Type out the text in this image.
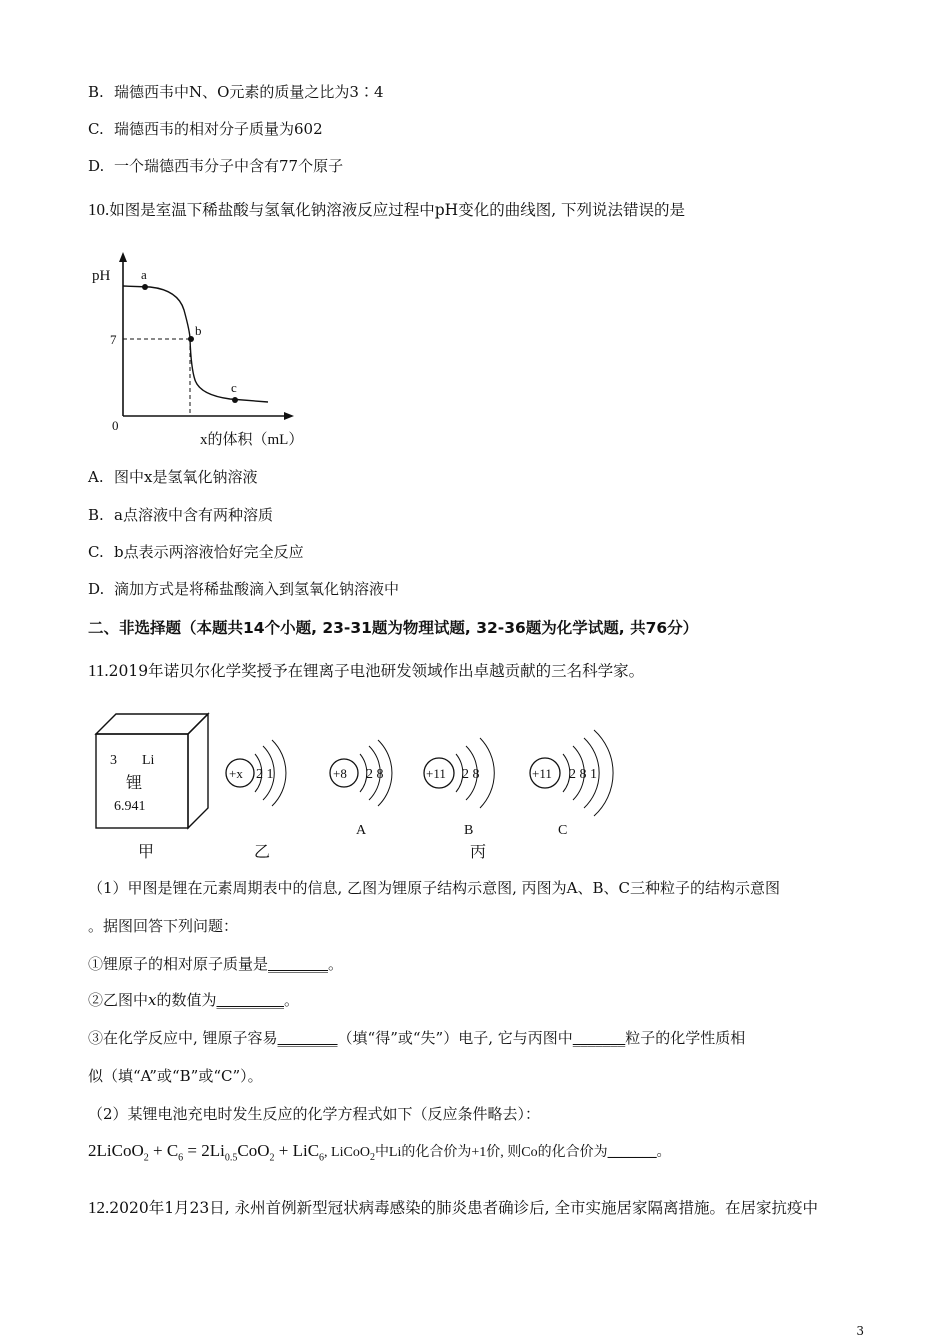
B. 瑞德西韦中N、O元素的质量之比为3∶4
C. 瑞德西韦的相对分子质量为602
D. 一个瑞德西韦分子中含有77个原子
10.如图是室温下稀盐酸与氢氧化钠溶液反应过程中pH变化的曲线图, 下列说法错误的是
pH
0
7
x的体积（mL）
a
b
c
A. 图中x是氢氧化钠溶液
B. a点溶液中含有两种溶质
C. b点表示两溶液恰好完全反应
D. 滴加方式是将稀盐酸滴入到氢氧化钠溶液中
二、非选择题（本题共14个小题, 23-31题为物理试题, 32-36题为化学试题, 共76分）
11.2019年诺贝尔化学奖授予在锂离子电池研发领域作出卓越贡献的三名科学家。
3 Li
锂
6.941
甲
+x 2 1
乙
+8 2 8
A
+11 2 8
B
+11 2 8 1
C
丙
（1）甲图是锂在元素周期表中的信息, 乙图为锂原子结构示意图, 丙图为A、B、C三种粒子的结构示意图
。据图回答下列问题：
①锂原子的相对原子质量是________。
②乙图中x的数值为_________。
③在化学反应中, 锂原子容易________（填“得”或“失”）电子, 它与丙图中_______粒子的化学性质相
似（填“A”或“B”或“C”）。
（2）某锂电池充电时发生反应的化学方程式如下（反应条件略去）：
2LiCoO$_2$ + $C_6 = 2Li_{0.5}CoO_2 + LiC_6$, LiCoO$_2$中Li的化合价为+1价, 则Co的化合价为_______。
12.2020年1月23日, 永州首例新型冠状病毒感染的肺炎患者确诊后, 全市实施居家隔离措施。在居家抗疫中
3
